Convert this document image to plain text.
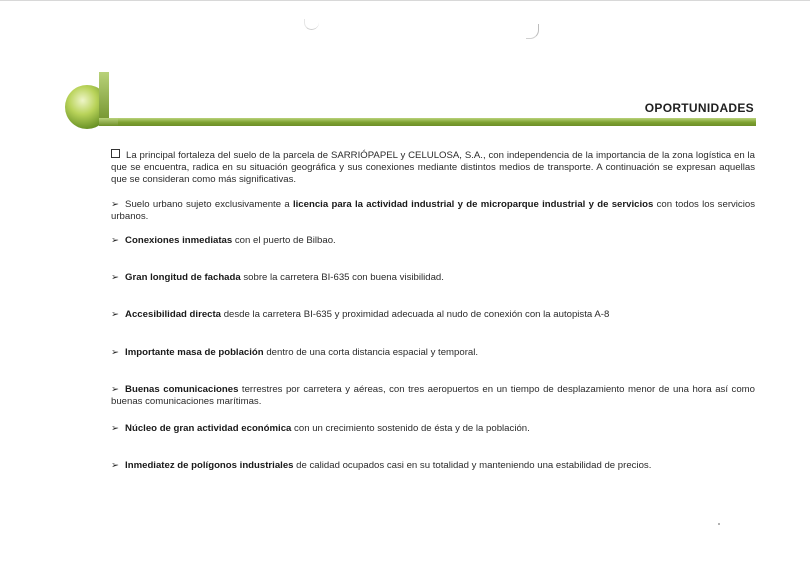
OPORTUNIDADES

La principal fortaleza del suelo de la parcela de SARRIÓPAPEL y CELULOSA, S.A., con independencia de la importancia de la zona logística en la que se encuentra, radica en su situación geográfica y sus conexiones mediante distintos medios de transporte. A continuación se expresan aquellas que se consideran como más significativas.

➢ Suelo urbano sujeto exclusivamente a licencia para la actividad industrial y de microparque industrial y de servicios con todos los servicios urbanos.

➢ Conexiones inmediatas con el puerto de Bilbao.

➢ Gran longitud de fachada sobre la carretera BI-635 con buena visibilidad.

➢ Accesibilidad directa desde la carretera BI-635 y proximidad adecuada al nudo de conexión con la autopista A-8

➢ Importante masa de población dentro de una corta distancia espacial y temporal.

➢ Buenas comunicaciones terrestres por carretera y aéreas, con tres aeropuertos en un tiempo de desplazamiento menor de una hora así como buenas comunicaciones marítimas.

➢ Núcleo de gran actividad económica con un crecimiento sostenido de ésta y de la población.

➢ Inmediatez de polígonos industriales de calidad ocupados casi en su totalidad y manteniendo una estabilidad de precios.
